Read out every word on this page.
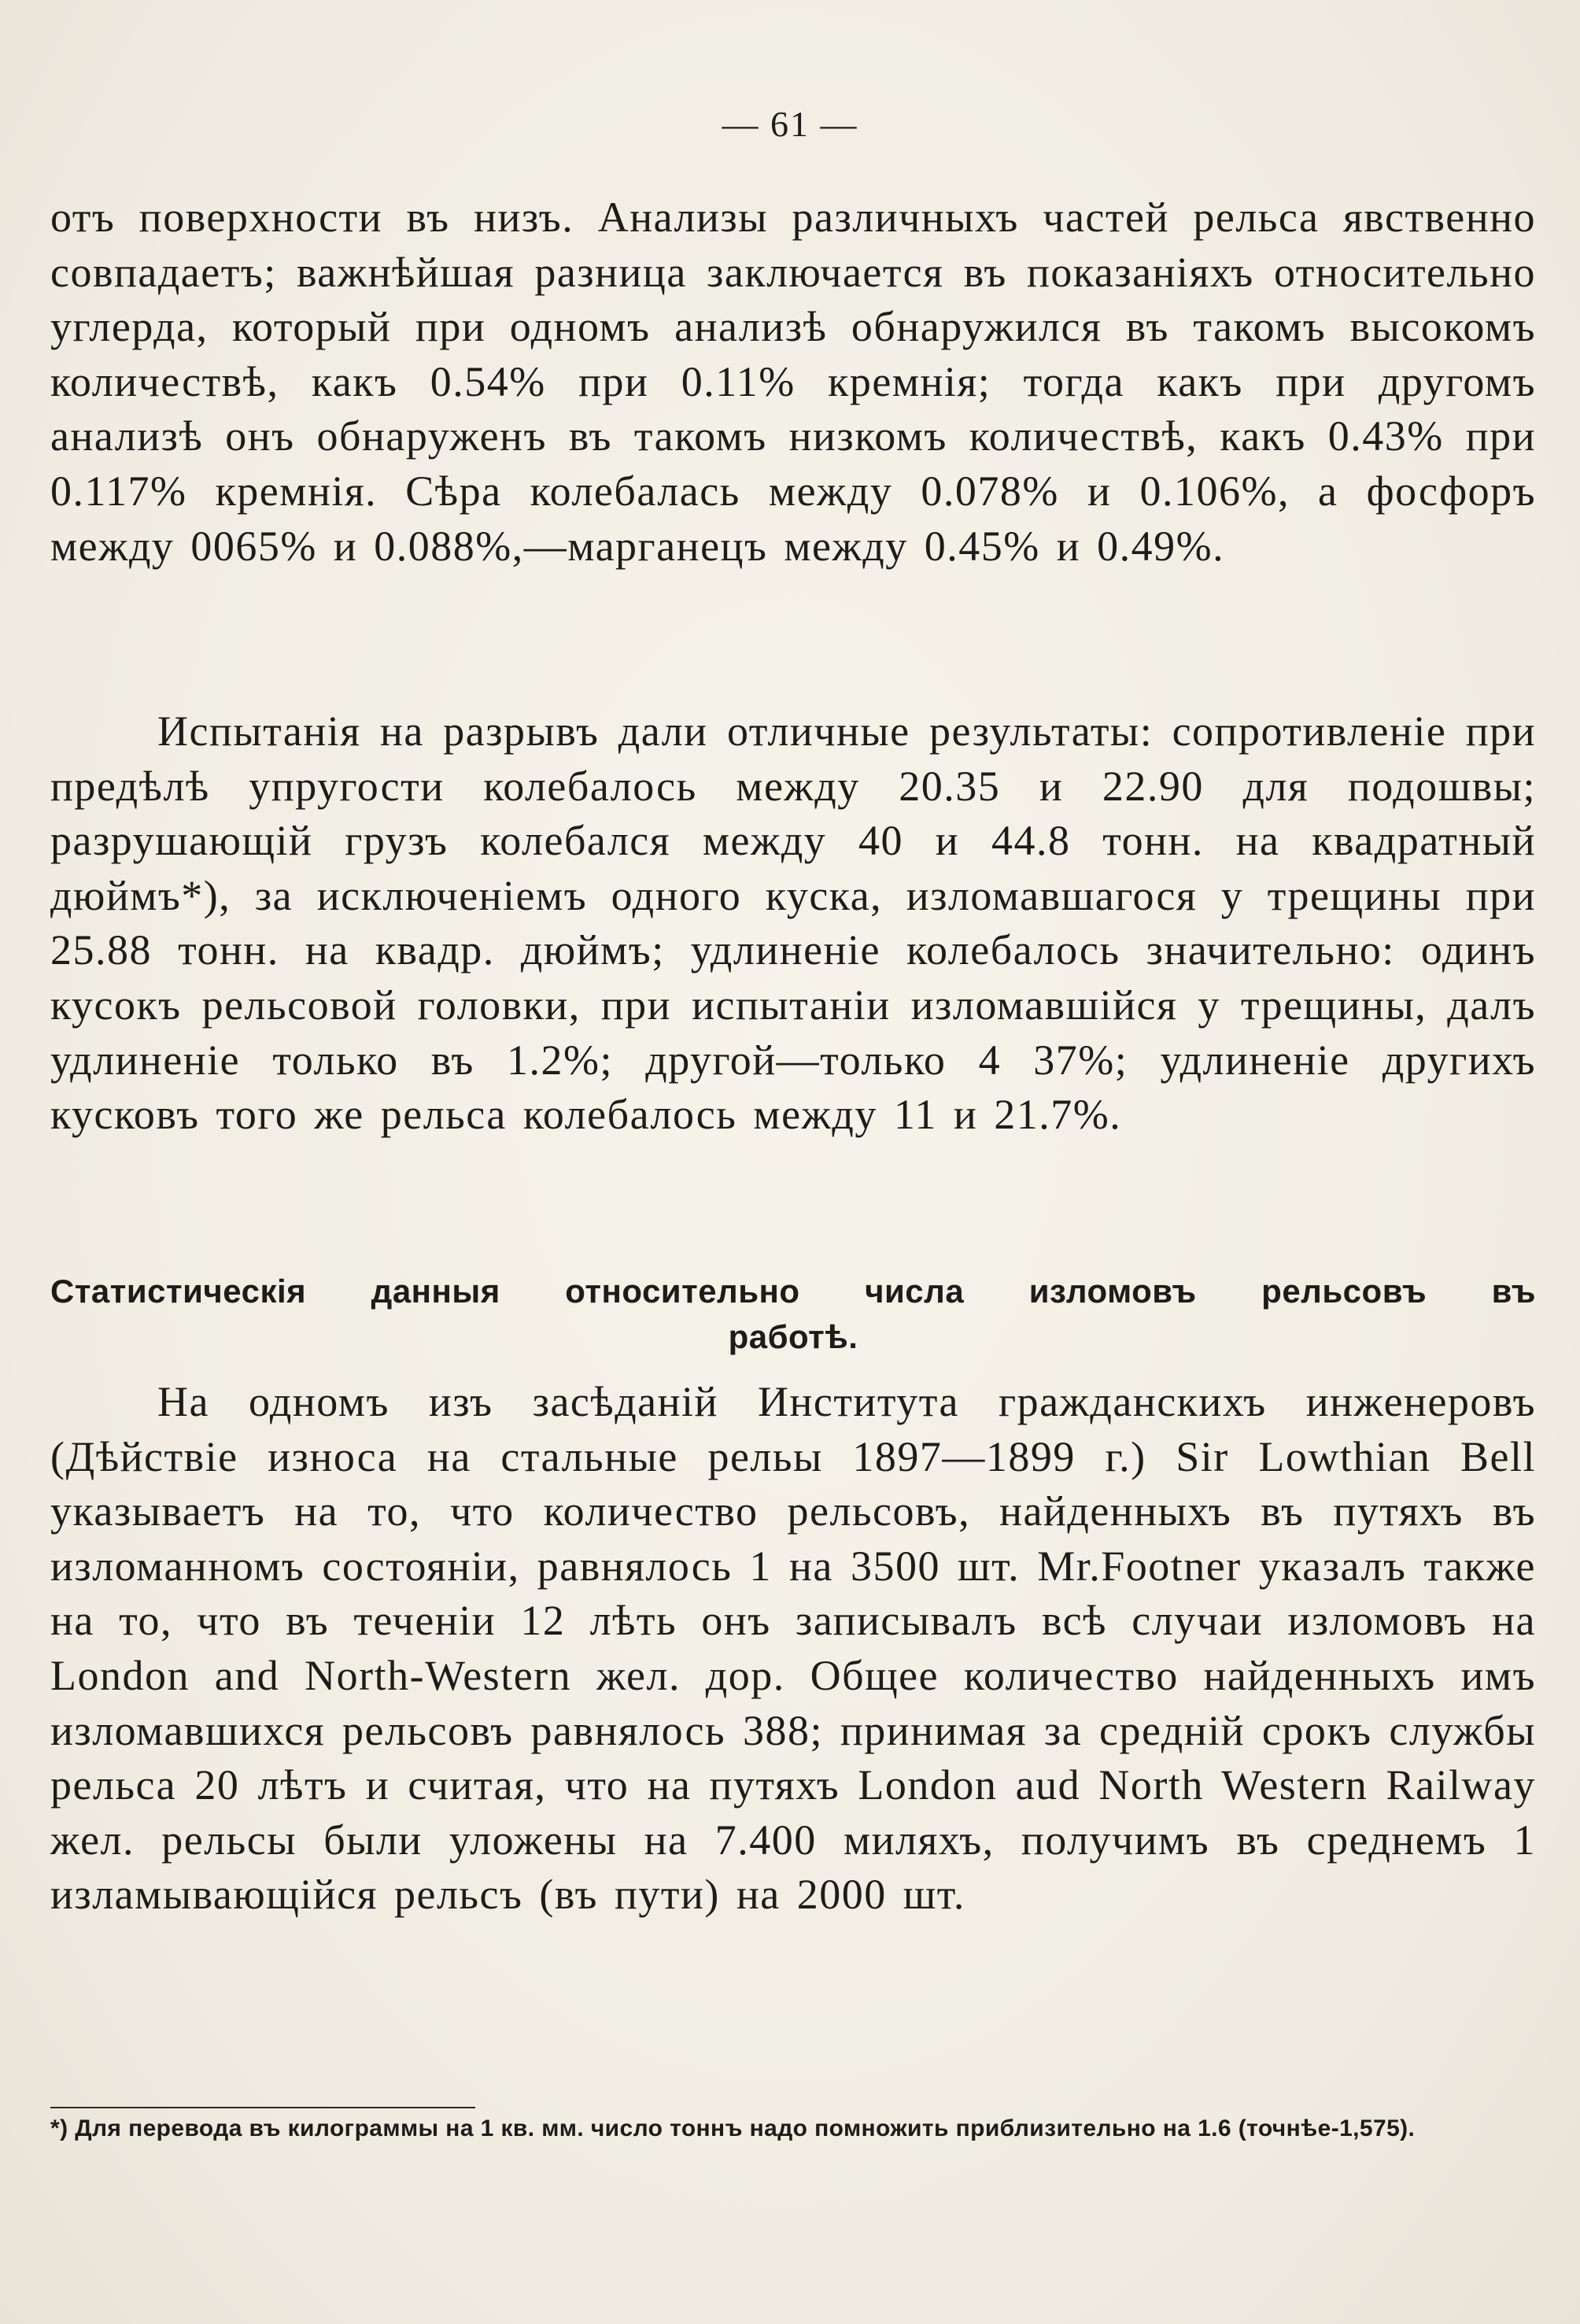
— 61 —

отъ поверхности въ низъ. Анализы различныхъ частей рельса явственно совпадаетъ; важнѣйшая разница заключается въ показаніяхъ относительно углерда, который при одномъ анализѣ обнаружился въ такомъ высокомъ количествѣ, какъ 0.54% при 0.11% кремнія; тогда какъ при другомъ анализѣ онъ обнаруженъ въ такомъ низкомъ количествѣ, какъ 0.43% при 0.117% кремнія. Сѣра колебалась между 0.078% и 0.106%, а фосфоръ между 0065% и 0.088%,—марганецъ между 0.45% и 0.49%.

Испытанія на разрывъ дали отличные результаты: сопротивленіе при предѣлѣ упругости колебалось между 20.35 и 22.90 для подошвы; разрушающій грузъ колебался между 40 и 44.8 тонн. на квадратный дюймъ*), за исключеніемъ одного куска, изломавшагося у трещины при 25.88 тонн. на квадр. дюймъ; удлиненіе колебалось значительно: одинъ кусокъ рельсовой головки, при испытаніи изломавшійся у трещины, далъ удлиненіе только въ 1.2%; другой—только 4 37%; удлиненіе другихъ кусковъ того же рельса колебалось между 11 и 21.7%.

Статистическія данныя относительно числа изломовъ рельсовъ въ
работѣ.

На одномъ изъ засѣданій Института гражданскихъ инженеровъ (Дѣйствіе износа на стальные рельы 1897—1899 г.) Sir Lowthian Bell указываетъ на то, что количество рельсовъ, найденныхъ въ путяхъ въ изломанномъ состояніи, равнялось 1 на 3500 шт. Mr.Footner указалъ также на то, что въ теченіи 12 лѣть онъ записывалъ всѣ случаи изломовъ на London and North-Western жел. дор. Общее количество найденныхъ имъ изломавшихся рельсовъ равнялось 388; принимая за среднiй срокъ службы рельса 20 лѣтъ и считая, что на путяхъ London aud North Western Railway жел. рельсы были уложены на 7.400 миляхъ, получимъ въ среднемъ 1 изламывающійся рельсъ (въ пути) на 2000 шт.

*) Для перевода въ килограммы на 1 кв. мм. число тоннъ надо помножить приблизительно на 1.6 (точнѣе-1,575).
